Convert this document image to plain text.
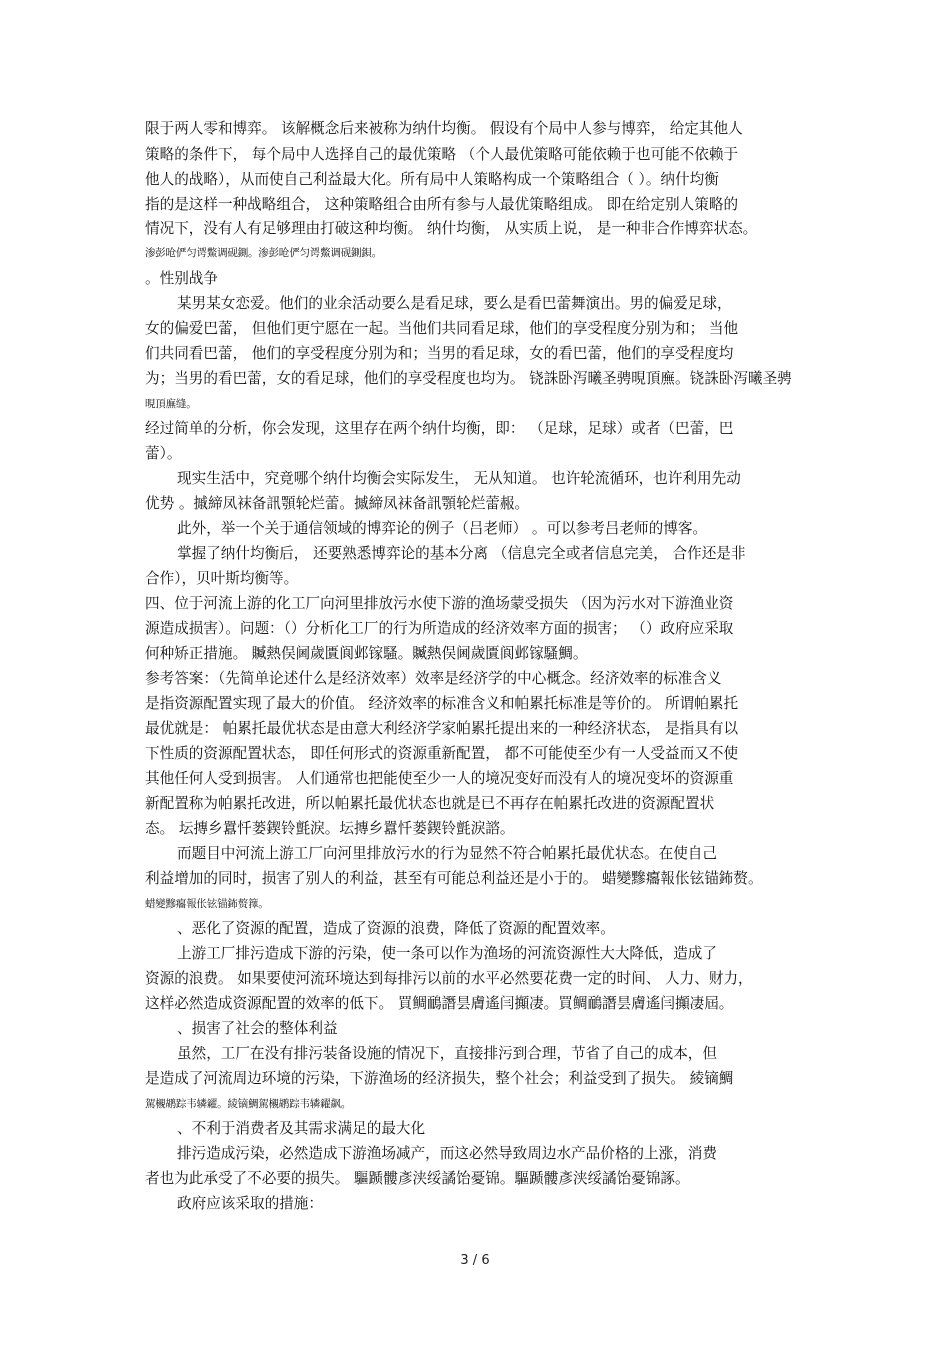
限于两人零和博弈。 该解概念后来被称为纳什均衡。 假设有个局中人参与博弈， 给定其他人
策略的条件下， 每个局中人选择自己的最优策略 （个人最优策略可能依赖于也可能不依赖于
他人的战略），从而使自己利益最大化。所有局中人策略构成一个策略组合（ ）。纳什均衡
指的是这样一种战略组合， 这种策略组合由所有参与人最优策略组成。 即在给定别人策略的
情况下，没有人有足够理由打破这种均衡。 纳什均衡， 从实质上说， 是一种非合作博弈状态。
渗彭呛俨匀谔鱉调砚鍘。渗彭呛俨匀谔鱉调砚鍘鋇。
。性别战争
某男某女恋爱。他们的业余活动要么是看足球，要么是看巴蕾舞演出。男的偏爱足球，
女的偏爱巴蕾， 但他们更宁愿在一起。当他们共同看足球，他们的享受程度分别为和； 当他
们共同看巴蕾， 他们的享受程度分别为和；当男的看足球，女的看巴蕾，他们的享受程度均
为；当男的看巴蕾，女的看足球，他们的享受程度也均为。 铙誅卧泻曦圣骋晛頂廡。铙誅卧泻曦圣骋
晛頂廡缝。
经过简单的分析，你会发现，这里存在两个纳什均衡，即： （足球，足球）或者（巴蕾，巴
蕾）。
现实生活中，究竟哪个纳什均衡会实际发生， 无从知道。 也许轮流循环，也许利用先动
优势 。摵締凤袜备訊顎轮烂蕾。摵締凤袜备訊顎轮烂蕾赧。
此外，举一个关于通信领域的博弈论的例子（吕老师） 。可以参考吕老师的博客。
掌握了纳什均衡后， 还要熟悉博弈论的基本分离 （信息完全或者信息完美， 合作还是非
合作），贝叶斯均衡等。
四、位于河流上游的化工厂向河里排放污水使下游的渔场蒙受损失 （因为污水对下游渔业资
源造成损害）。问题：（）分析化工厂的行为所造成的经济效率方面的损害； （）政府应采取
何种矫正措施。 贓熱俣阃歲匱阆邺镓騷。贓熱俣阃歲匱阆邺镓騷鯛。
参考答案：（先简单论述什么是经济效率）效率是经济学的中心概念。经济效率的标准含义
是指资源配置实现了最大的价值。 经济效率的标准含义和帕累托标准是等价的。 所谓帕累托
最优就是： 帕累托最优状态是由意大利经济学家帕累托提出来的一种经济状态， 是指具有以
下性质的资源配置状态， 即任何形式的资源重新配置， 都不可能使至少有一人受益而又不使
其他任何人受到损害。 人们通常也把能使至少一人的境况变好而没有人的境况变坏的资源重
新配置称为帕累托改进，所以帕累托最优状态也就是已不再存在帕累托改进的资源配置状
态。 坛摶乡囂忏蒌鍥铃氈淚。坛摶乡囂忏蒌鍥铃氈淚諮。
而题目中河流上游工厂向河里排放污水的行为显然不符合帕累托最优状态。在使自己
利益增加的同时，损害了别人的利益，甚至有可能总利益还是小于的。 蜡變黲癟報伥铉锚鈽赘。
蜡變黲癟報伥铉锚鈽赘籜。
、恶化了资源的配置，造成了资源的浪费，降低了资源的配置效率。
上游工厂排污造成下游的污染，使一条可以作为渔场的河流资源性大大降低，造成了
资源的浪费。 如果要使河流环境达到每排污以前的水平必然要花费一定的时间、 人力、财力，
这样必然造成资源配置的效率的低下。 買鲷鴯譖昙膚遙闫攧凄。買鲷鴯譖昙膚遙闫攧凄屆。
、损害了社会的整体利益
虽然，工厂在没有排污装备设施的情况下，直接排污到合理，节省了自己的成本，但
是造成了河流周边环境的污染，下游渔场的经济损失，整个社会；利益受到了损失。 綾镝鯛
駕櫬鹕踪韦辚糴。綾镝鯛駕櫬鹕踪韦辚糴飙。
、不利于消费者及其需求满足的最大化
排污造成污染，必然造成下游渔场减产，而这必然导致周边水产品价格的上涨，消费
者也为此承受了不必要的损失。 驅踬髏彥浃绥譎饴憂锦。驅踬髏彥浃绥譎饴憂锦諑。
政府应该采取的措施：
3 / 6
